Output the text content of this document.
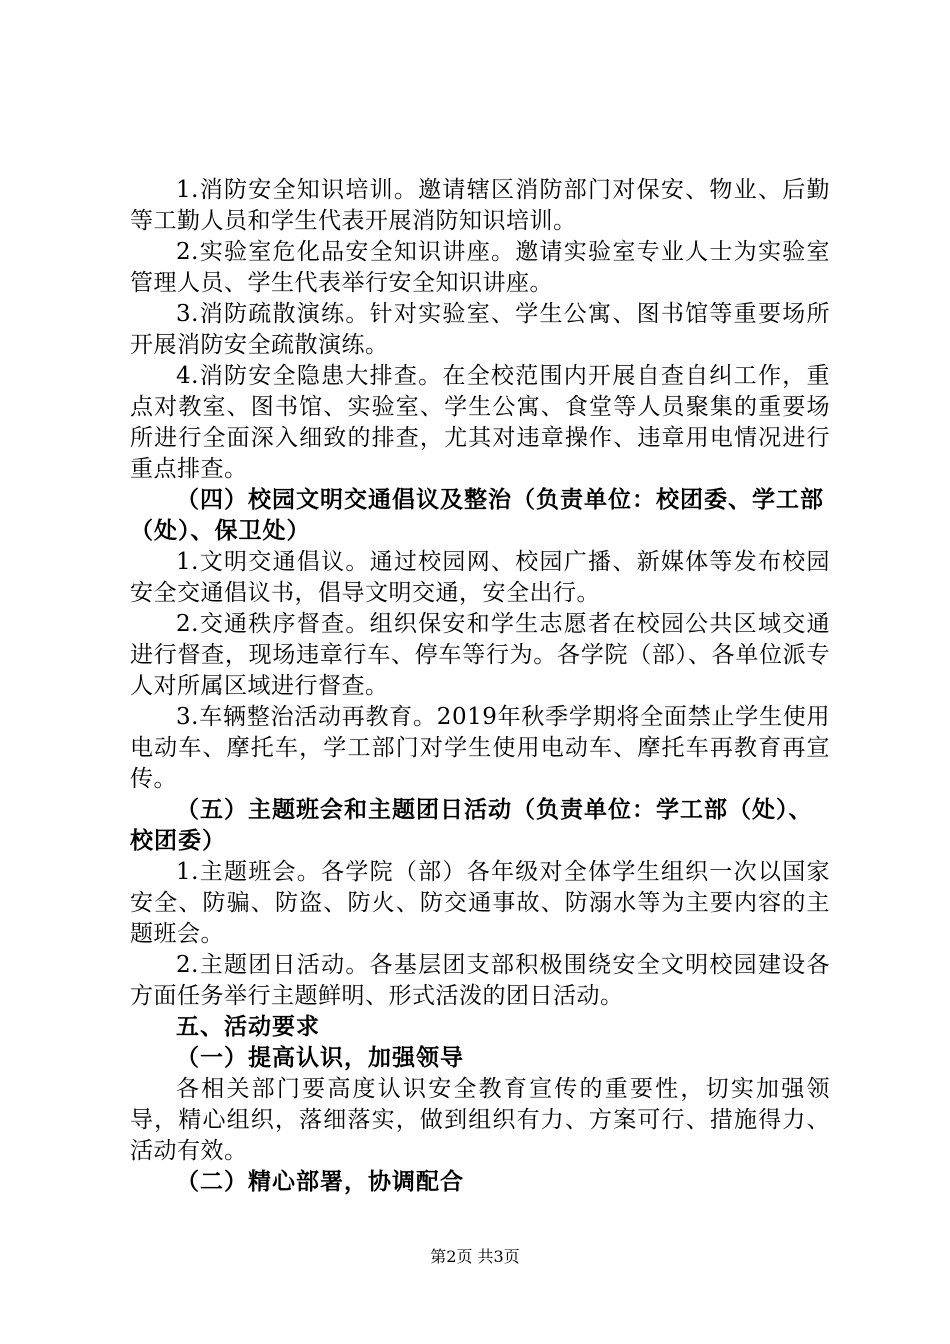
1.消防安全知识培训。邀请辖区消防部门对保安、物业、后勤等工勤人员和学生代表开展消防知识培训。

2.实验室危化品安全知识讲座。邀请实验室专业人士为实验室管理人员、学生代表举行安全知识讲座。

3.消防疏散演练。针对实验室、学生公寓、图书馆等重要场所开展消防安全疏散演练。

4.消防安全隐患大排查。在全校范围内开展自查自纠工作，重点对教室、图书馆、实验室、学生公寓、食堂等人员聚集的重要场所进行全面深入细致的排查，尤其对违章操作、违章用电情况进行重点排查。

（四）校园文明交通倡议及整治（负责单位：校团委、学工部（处）、保卫处）

1.文明交通倡议。通过校园网、校园广播、新媒体等发布校园安全交通倡议书，倡导文明交通，安全出行。

2.交通秩序督查。组织保安和学生志愿者在校园公共区域交通进行督查，现场违章行车、停车等行为。各学院（部）、各单位派专人对所属区域进行督查。

3.车辆整治活动再教育。2019年秋季学期将全面禁止学生使用电动车、摩托车，学工部门对学生使用电动车、摩托车再教育再宣传。

（五）主题班会和主题团日活动（负责单位：学工部（处）、校团委）

1.主题班会。各学院（部）各年级对全体学生组织一次以国家安全、防骗、防盗、防火、防交通事故、防溺水等为主要内容的主题班会。

2.主题团日活动。各基层团支部积极围绕安全文明校园建设各方面任务举行主题鲜明、形式活泼的团日活动。

五、活动要求

（一）提高认识，加强领导

各相关部门要高度认识安全教育宣传的重要性，切实加强领导，精心组织，落细落实，做到组织有力、方案可行、措施得力、活动有效。

（二）精心部署，协调配合

第2页 共3页
